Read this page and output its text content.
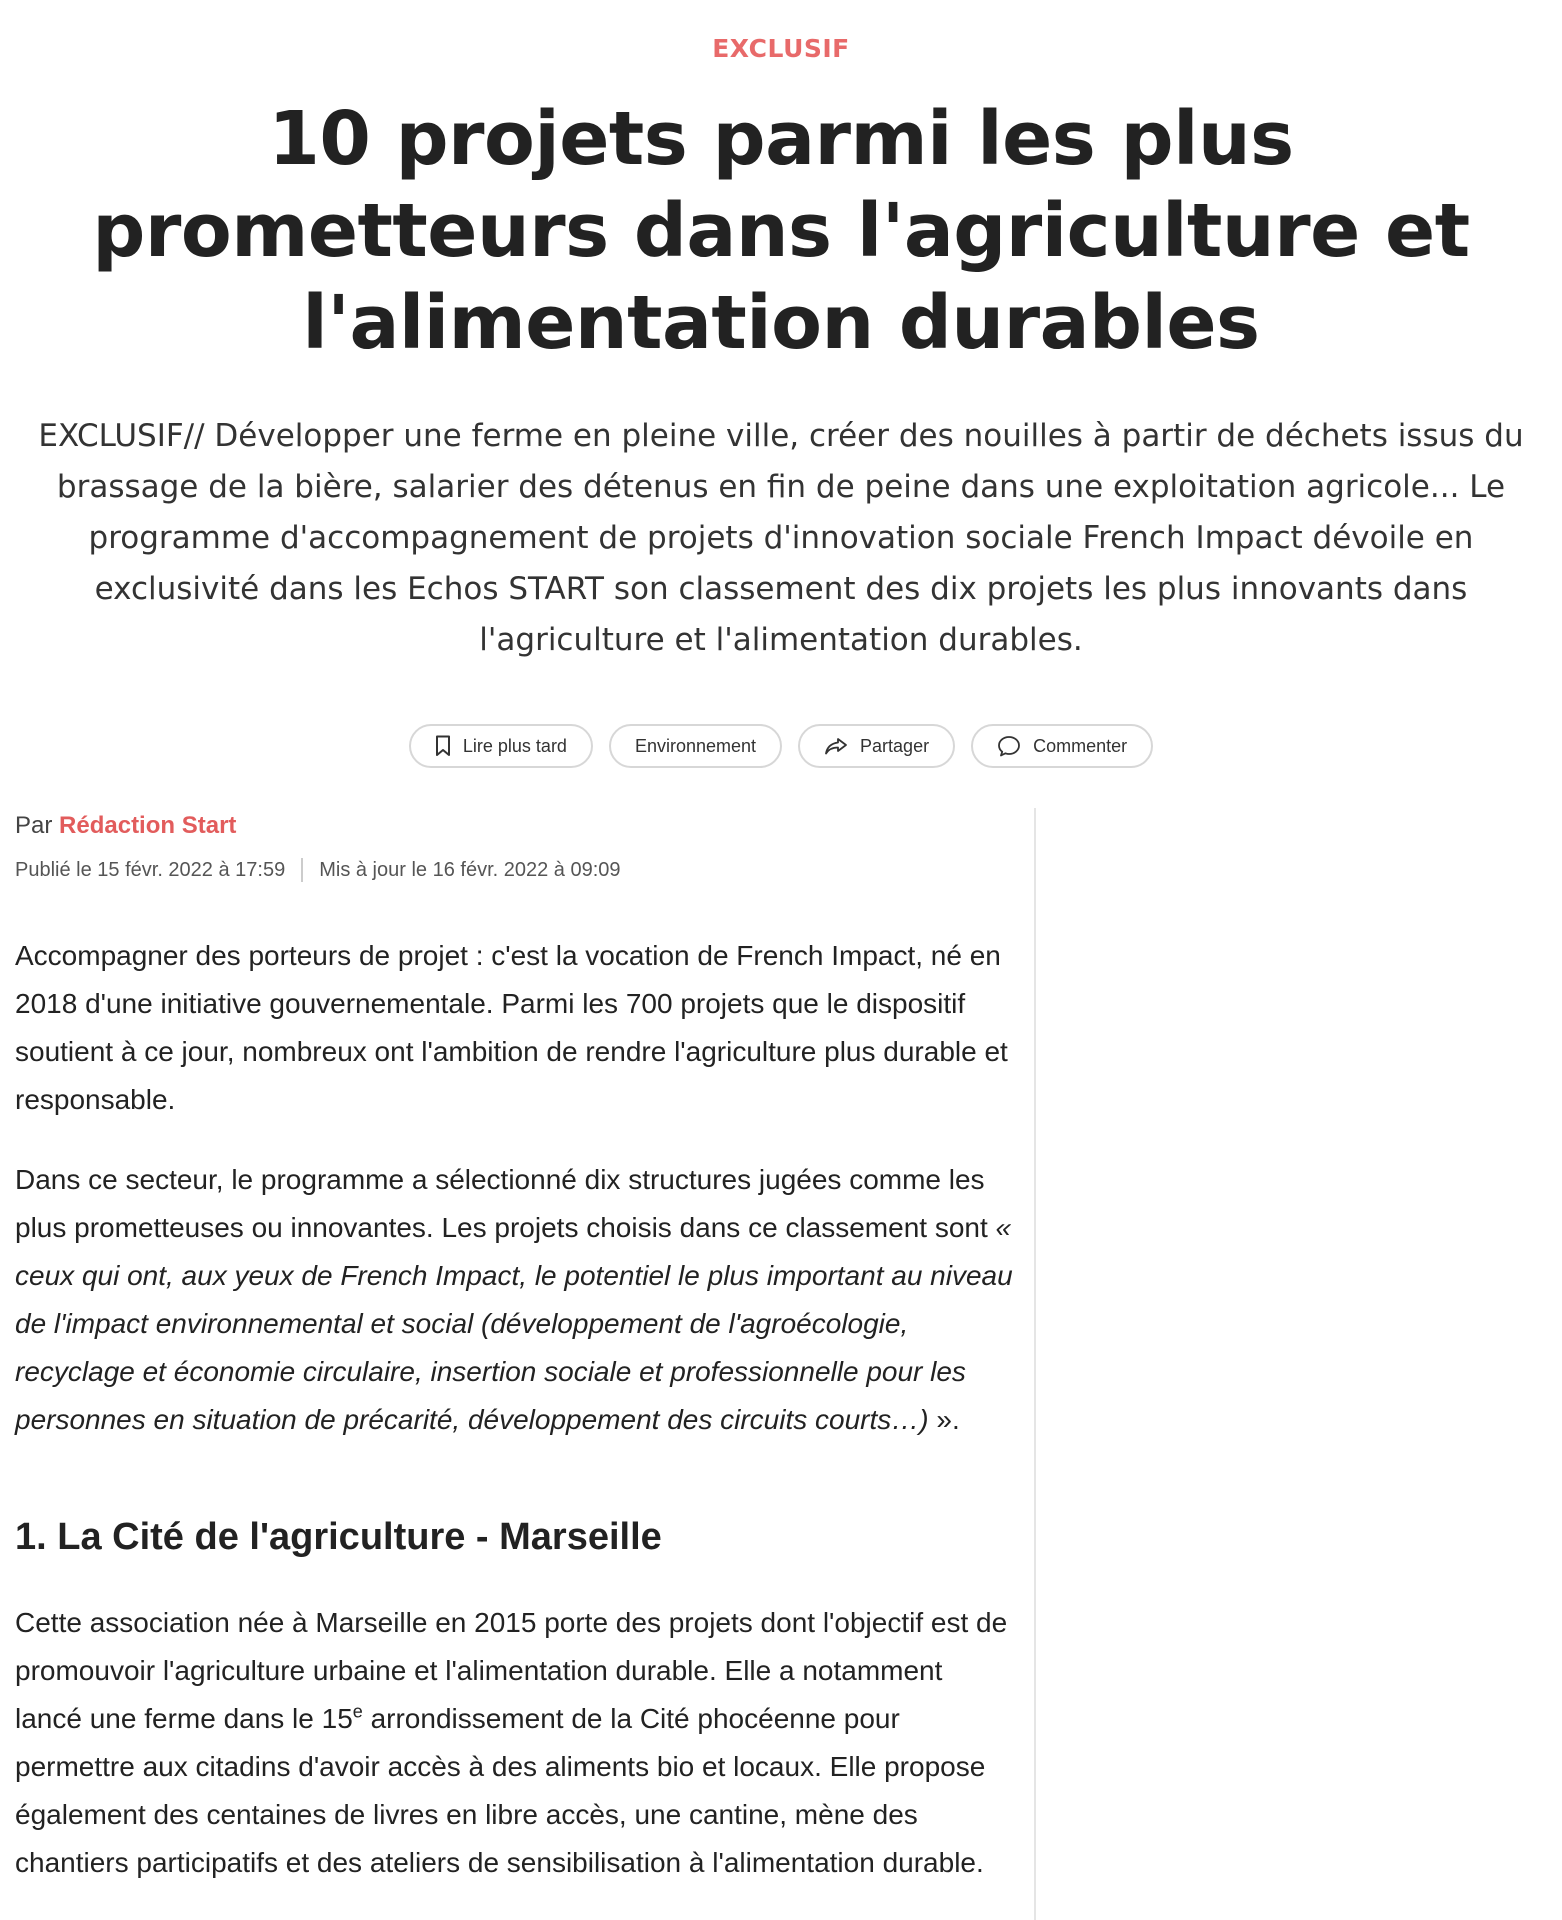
EXCLUSIF
10 projets parmi les plus prometteurs dans l'agriculture et l'alimentation durables

EXCLUSIF// Développer une ferme en pleine ville, créer des nouilles à partir de déchets issus du brassage de la bière, salarier des détenus en fin de peine dans une exploitation agricole... Le programme d'accompagnement de projets d'innovation sociale French Impact dévoile en exclusivité dans les Echos START son classement des dix projets les plus innovants dans l'agriculture et l'alimentation durables.

Lire plus tard	Environnement	Partager	Commenter
Par Rédaction Start
Publié le 15 févr. 2022 à 17:59 Mis à jour le 16 févr. 2022 à 09:09

Accompagner des porteurs de projet : c'est la vocation de French Impact, né en 2018 d'une initiative gouvernementale. Parmi les 700 projets que le dispositif soutient à ce jour, nombreux ont l'ambition de rendre l'agriculture plus durable et responsable.

Dans ce secteur, le programme a sélectionné dix structures jugées comme les plus prometteuses ou innovantes. Les projets choisis dans ce classement sont « ceux qui ont, aux yeux de French Impact, le potentiel le plus important au niveau de l'impact environnemental et social (développement de l'agroécologie, recyclage et économie circulaire, insertion sociale et professionnelle pour les personnes en situation de précarité, développement des circuits courts…) ».

1. La Cité de l'agriculture - Marseille

Cette association née à Marseille en 2015 porte des projets dont l'objectif est de promouvoir l'agriculture urbaine et l'alimentation durable. Elle a notamment lancé une ferme dans le 15e arrondissement de la Cité phocéenne pour permettre aux citadins d'avoir accès à des aliments bio et locaux. Elle propose également des centaines de livres en libre accès, une cantine, mène des chantiers participatifs et des ateliers de sensibilisation à l'alimentation durable.
